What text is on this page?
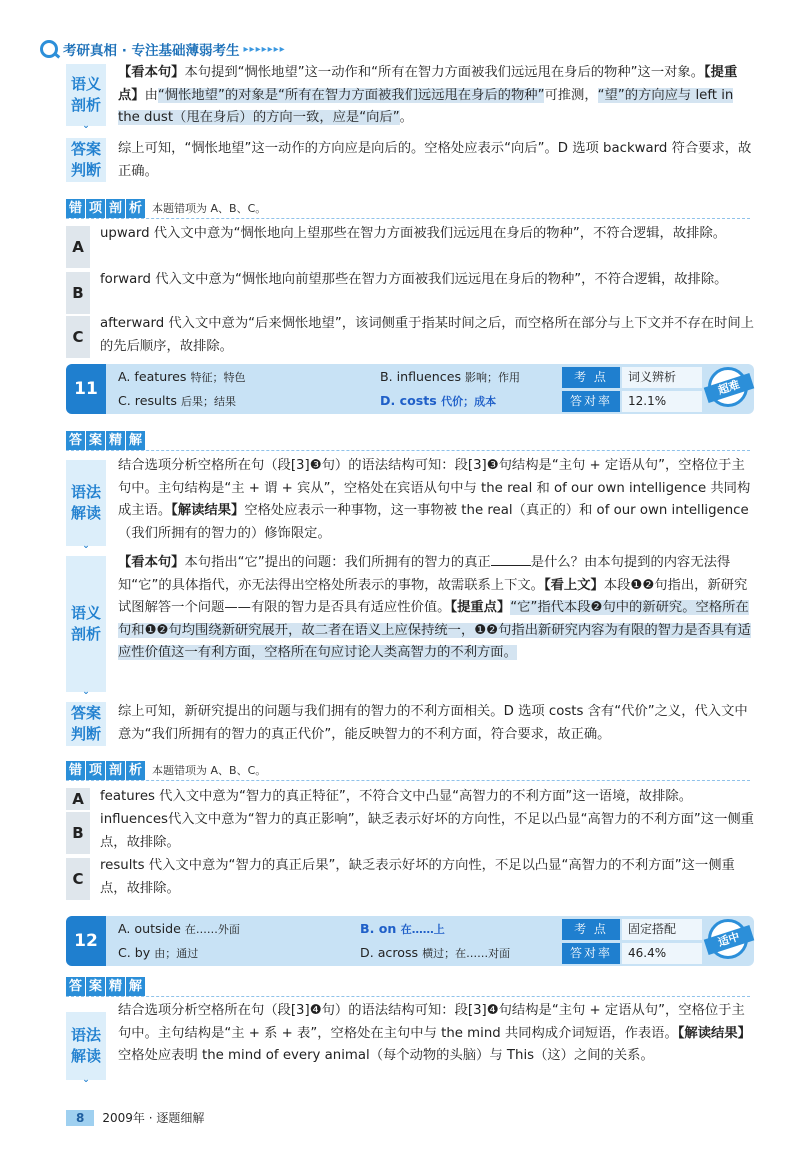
考研真相 · 专注基础薄弱考生 ▸▸▸▸▸▸▸
语义
剖析
⌄
【看本句】本句提到“惆怅地望”这一动作和“所有在智力方面被我们远远甩在身后的物种”这一对象。【提重点】由“惆怅地望”的对象是“所有在智力方面被我们远远甩在身后的物种”可推测，“望”的方向应与 left in the dust（甩在身后）的方向一致，应是“向后”。
答案
判断
综上可知，“惆怅地望”这一动作的方向应是向后的。空格处应表示“向后”。D 选项 backward 符合要求，故正确。
错 项 剖 析 本题错项为 A、B、C。
A
upward 代入文中意为“惆怅地向上望那些在智力方面被我们远远甩在身后的物种”，不符合逻辑，故排除。
B
forward 代入文中意为“惆怅地向前望那些在智力方面被我们远远甩在身后的物种”，不符合逻辑，故排除。
C
afterward 代入文中意为“后来惆怅地望”，该词侧重于指某时间之后，而空格所在部分与上下文并不存在时间上的先后顺序，故排除。
11
A. features 特征；特色	B. influences 影响；作用
C. results 后果；结果	D. costs 代价；成本
考 点	词义辨析
答对率	12.1%
超难
答 案 精 解
语法
解读
⌄
结合选项分析空格所在句（段[3]❸句）的语法结构可知：段[3]❸句结构是“主句 + 定语从句”，空格位于主句中。主句结构是“主 + 谓 + 宾从”，空格处在宾语从句中与 the real 和 of our own intelligence 共同构成主语。【解读结果】空格处应表示一种事物，这一事物被 the real（真正的）和 of our own intelligence（我们所拥有的智力的）修饰限定。
语义
剖析
⌄
【看本句】本句指出“它”提出的问题：我们所拥有的智力的真正	是什么？由本句提到的内容无法得知“它”的具体指代，亦无法得出空格处所表示的事物，故需联系上下文。【看上文】本段❶❷句指出，新研究试图解答一个问题——有限的智力是否具有适应性价值。【提重点】“它”指代本段❷句中的新研究。空格所在句和❶❷句均围绕新研究展开，故二者在语义上应保持统一，❶❷句指出新研究内容为有限的智力是否具有适应性价值这一有利方面，空格所在句应讨论人类高智力的不利方面。
答案
判断
综上可知，新研究提出的问题与我们拥有的智力的不利方面相关。D 选项 costs 含有“代价”之义，代入文中意为“我们所拥有的智力的真正代价”，能反映智力的不利方面，符合要求，故正确。
错 项 剖 析 本题错项为 A、B、C。
A	features 代入文中意为“智力的真正特征”，不符合文中凸显“高智力的不利方面”这一语境，故排除。
B
influences代入文中意为“智力的真正影响”，缺乏表示好坏的方向性，不足以凸显“高智力的不利方面”这一侧重点，故排除。
C
results 代入文中意为“智力的真正后果”，缺乏表示好坏的方向性，不足以凸显“高智力的不利方面”这一侧重点，故排除。
12
A. outside 在……外面	B. on 在……上
C. by 由；通过	D. across 横过；在……对面
考 点	固定搭配
答对率	46.4%
适中
答 案 精 解
语法
解读
⌄
结合选项分析空格所在句（段[3]❹句）的语法结构可知：段[3]❹句结构是“主句 + 定语从句”，空格位于主句中。主句结构是“主 + 系 + 表”，空格处在主句中与 the mind 共同构成介词短语，作表语。【解读结果】空格处应表明 the mind of every animal（每个动物的头脑）与 This（这）之间的关系。
8	2009年 · 逐题细解
